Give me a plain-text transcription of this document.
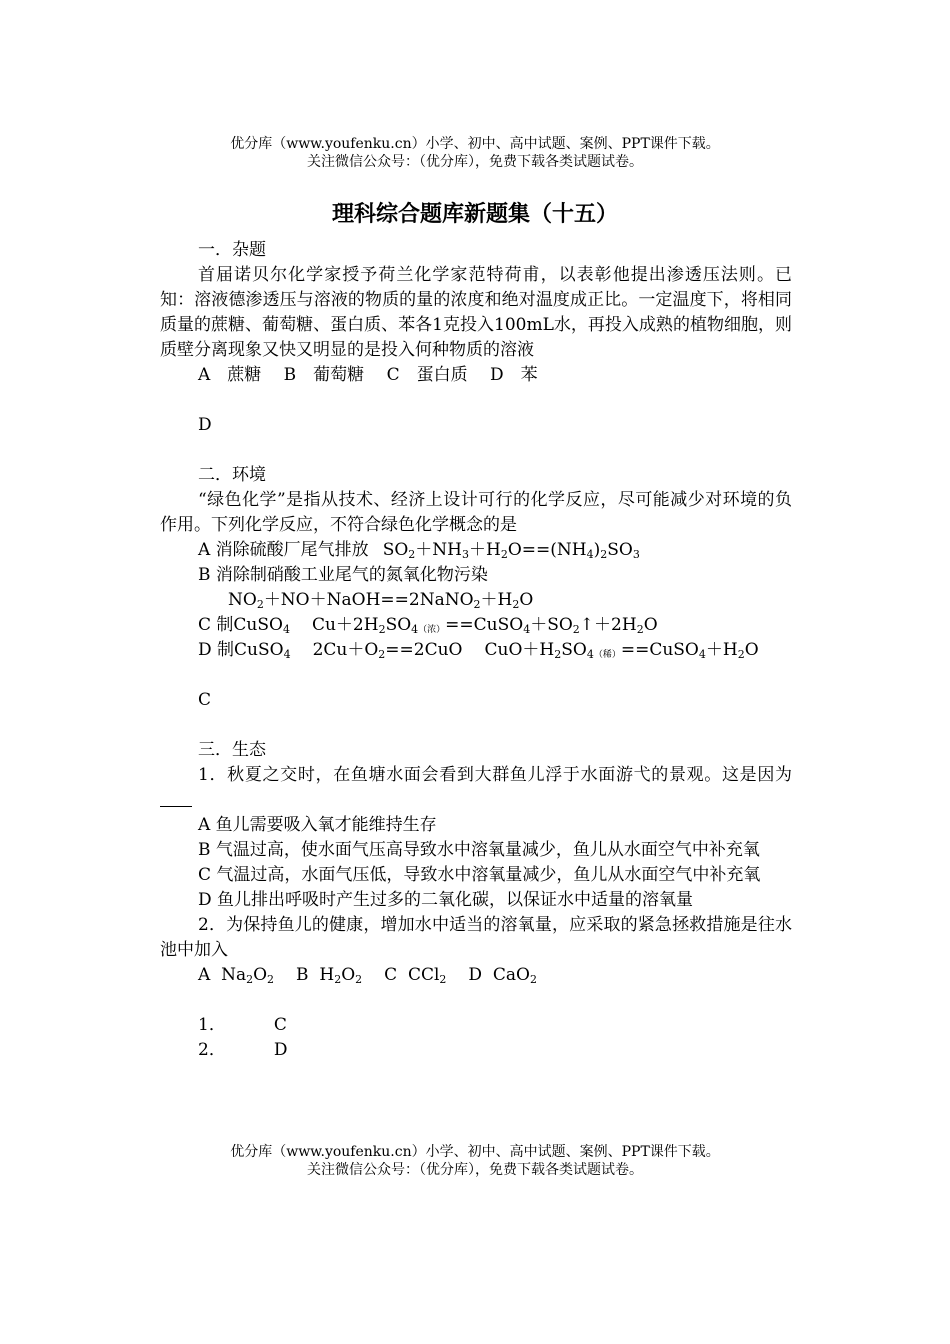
优分库（www.youfenku.cn）小学、初中、高中试题、案例、PPT课件下载。
关注微信公众号：（优分库），免费下载各类试题试卷。
理科综合题库新题集（十五）

一．杂题

首届诺贝尔化学家授予荷兰化学家范特荷甫，以表彰他提出渗透压法则。已知：溶液德渗透压与溶液的物质的量的浓度和绝对温度成正比。一定温度下，将相同质量的蔗糖、葡萄糖、蛋白质、苯各1克投入100mL水，再投入成熟的植物细胞，则质壁分离现象又快又明显的是投入何种物质的溶液

A　蔗糖　 B　葡萄糖　 C　蛋白质　 D　苯

D

二．环境

“绿色化学”是指从技术、经济上设计可行的化学反应，尽可能减少对环境的负作用。下列化学反应，不符合绿色化学概念的是

A 消除硫酸厂尾气排放 $SO_2+NH_3+H_2O==(NH_4)_2SO_3$

B 消除制硝酸工业尾气的氮氧化物污染

$NO_2+NO+NaOH==2NaNO_2+H_2O$

C 制CuSO$_4$ $Cu+2H_2SO_4$（浓）$==CuSO_4+SO_2↑+2H_2O$

D 制CuSO$_4$ $2Cu+O_2==2CuO$ $CuO+H_2SO_4$（稀）$==CuSO_4+H_2O$

C

三．生态

1．秋夏之交时，在鱼塘水面会看到大群鱼儿浮于水面游弋的景观。这是因为

A 鱼儿需要吸入氧才能维持生存

B 气温过高，使水面气压高导致水中溶氧量减少，鱼儿从水面空气中补充氧

C 气温过高，水面气压低，导致水中溶氧量减少，鱼儿从水面空气中补充氧

D 鱼儿排出呼吸时产生过多的二氧化碳，以保证水中适量的溶氧量

2．为保持鱼儿的健康，增加水中适当的溶氧量，应采取的紧急拯救措施是往水池中加入

A  $Na_2O_2$ B  $H_2O_2$ C  CCl$_2$ D  CaO$_2$

1．	C

2．	D

优分库（www.youfenku.cn）小学、初中、高中试题、案例、PPT课件下载。
关注微信公众号：（优分库），免费下载各类试题试卷。
